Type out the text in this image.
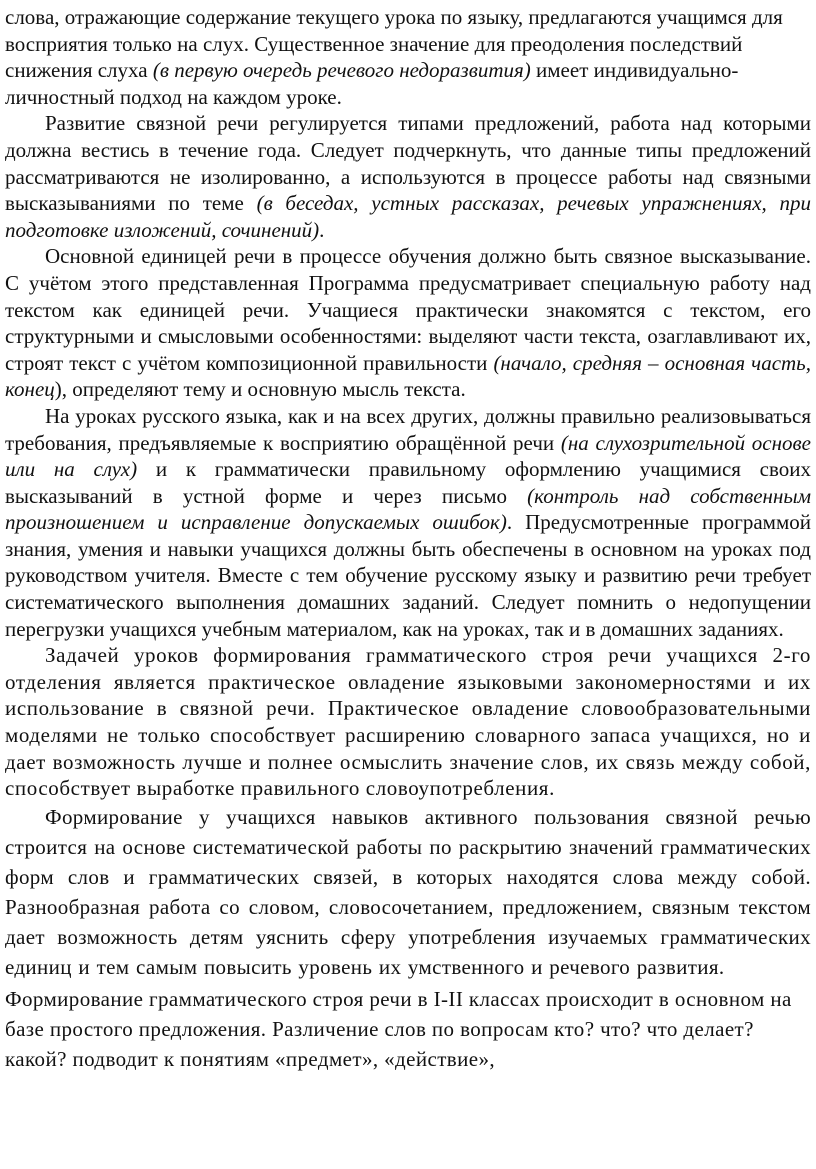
слова, отражающие содержание текущего урока по языку, предлагаются учащимся для восприятия только на слух. Существенное значение для преодоления последствий снижения слуха (в первую очередь речевого недоразвития) имеет индивидуально-личностный подход на каждом уроке.

Развитие связной речи регулируется типами предложений, работа над которыми должна вестись в течение года. Следует подчеркнуть, что данные типы предложений рассматриваются не изолированно, а используются в процессе работы над связными высказываниями по теме (в беседах, устных рассказах, речевых упражнениях, при подготовке изложений, сочинений).

Основной единицей речи в процессе обучения должно быть связное высказывание. С учётом этого представленная Программа предусматривает специальную работу над текстом как единицей речи. Учащиеся практически знакомятся с текстом, его структурными и смысловыми особенностями: выделяют части текста, озаглавливают их, строят текст с учётом композиционной правильности (начало, средняя – основная часть, конец), определяют тему и основную мысль текста.

На уроках русского языка, как и на всех других, должны правильно реализовываться требования, предъявляемые к восприятию обращённой речи (на слухозрительной основе или на слух) и к грамматически правильному оформлению учащимися своих высказываний в устной форме и через письмо (контроль над собственным произношением и исправление допускаемых ошибок). Предусмотренные программой знания, умения и навыки учащихся должны быть обеспечены в основном на уроках под руководством учителя. Вместе с тем обучение русскому языку и развитию речи требует систематического выполнения домашних заданий. Следует помнить о недопущении перегрузки учащихся учебным материалом, как на уроках, так и в домашних заданиях.

Задачей уроков формирования грамматического строя речи учащихся 2-го отделения является практическое овладение языковыми закономерностями и их использование в связной речи. Практическое овладение словообразовательными моделями не только способствует расширению словарного запаса учащихся, но и дает возможность лучше и полнее осмыслить значение слов, их связь между собой, способствует выработке правильного словоупотребления.

Формирование у учащихся навыков активного пользования связной речью строится на основе систематической работы по раскрытию значений грамматических форм слов и грамматических связей, в которых находятся слова между собой. Разнообразная работа со словом, словосочетанием, предложением, связным текстом дает возможность детям уяснить сферу употребления изучаемых грамматических единиц и тем самым повысить уровень их умственного и речевого развития.

Формирование грамматического строя речи в I-II классах происходит в основном на базе простого предложения. Различение слов по вопросам кто? что? что делает? какой? подводит к понятиям «предмет», «действие»,
